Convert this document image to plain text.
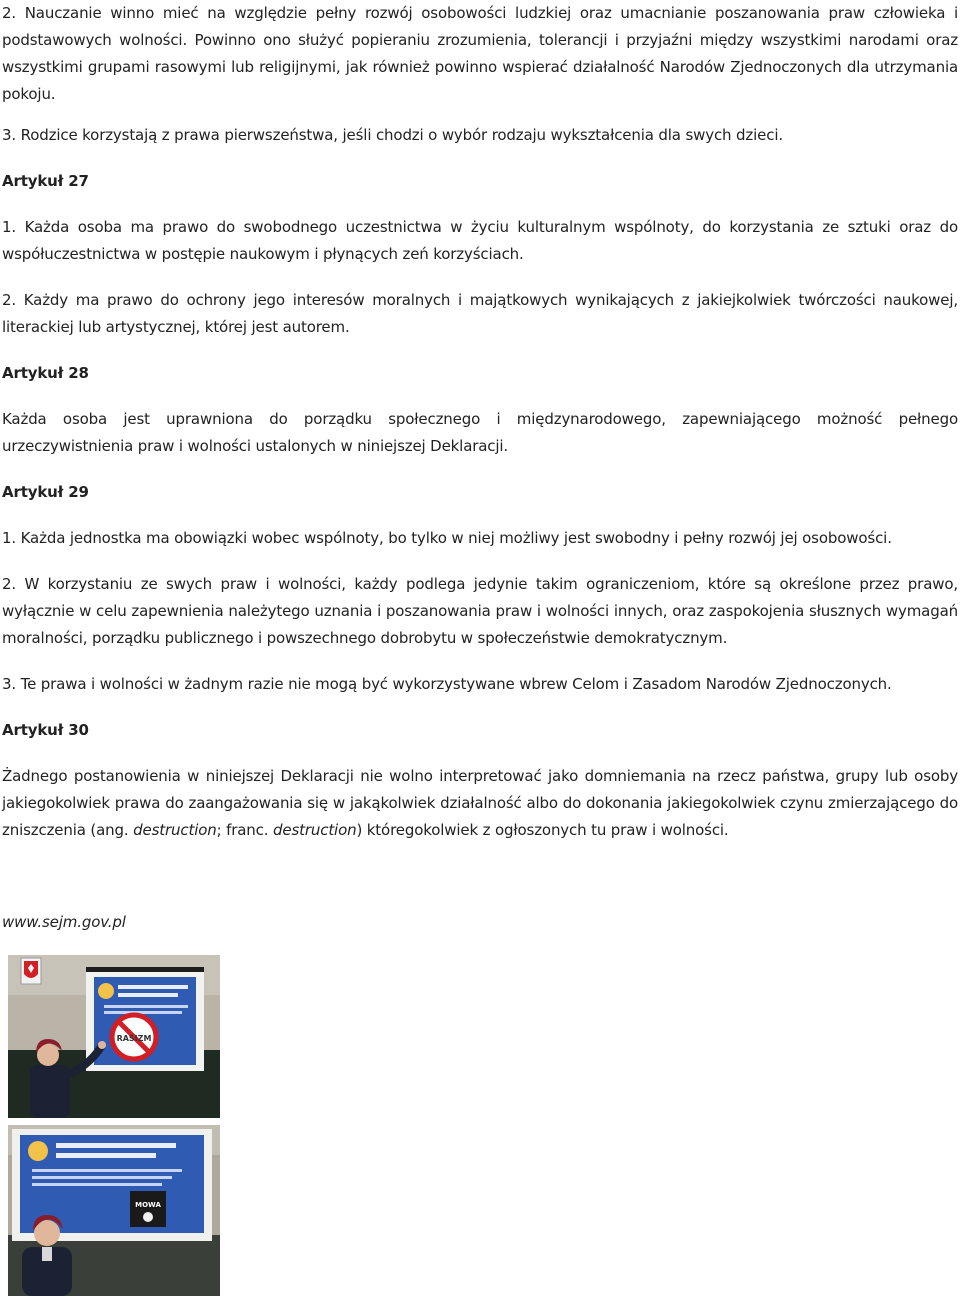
2. Nauczanie winno mieć na względzie pełny rozwój osobowości ludzkiej oraz umacnianie poszanowania praw człowieka i podstawowych wolności. Powinno ono służyć popieraniu zrozumienia, tolerancji i przyjaźni między wszystkimi narodami oraz wszystkimi grupami rasowymi lub religijnymi, jak również powinno wspierać działalność Narodów Zjednoczonych dla utrzymania pokoju.

3. Rodzice korzystają z prawa pierwszeństwa, jeśli chodzi o wybór rodzaju wykształcenia dla swych dzieci.

Artykuł 27

1. Każda osoba ma prawo do swobodnego uczestnictwa w życiu kulturalnym wspólnoty, do korzystania ze sztuki oraz do współuczestnictwa w postępie naukowym i płynących zeń korzyściach.

2. Każdy ma prawo do ochrony jego interesów moralnych i majątkowych wynikających z jakiejkolwiek twórczości naukowej, literackiej lub artystycznej, której jest autorem.

Artykuł 28

Każda osoba jest uprawniona do porządku społecznego i międzynarodowego, zapewniającego możność pełnego urzeczywistnienia praw i wolności ustalonych w niniejszej Deklaracji.

Artykuł 29

1. Każda jednostka ma obowiązki wobec wspólnoty, bo tylko w niej możliwy jest swobodny i pełny rozwój jej osobowości.

2. W korzystaniu ze swych praw i wolności, każdy podlega jedynie takim ograniczeniom, które są określone przez prawo, wyłącznie w celu zapewnienia należytego uznania i poszanowania praw i wolności innych, oraz zaspokojenia słusznych wymagań moralności, porządku publicznego i powszechnego dobrobytu w społeczeństwie demokratycznym.

3. Te prawa i wolności w żadnym razie nie mogą być wykorzystywane wbrew Celom i Zasadom Narodów Zjednoczonych.

Artykuł 30

Żadnego postanowienia w niniejszej Deklaracji nie wolno interpretować jako domniemania na rzecz państwa, grupy lub osoby jakiegokolwiek prawa do zaangażowania się w jakąkolwiek działalność albo do dokonania jakiegokolwiek czynu zmierzającego do zniszczenia (ang. destruction; franc. destruction) któregokolwiek z ogłoszonych tu praw i wolności.

www.sejm.gov.pl

RASIZM
MOWA
